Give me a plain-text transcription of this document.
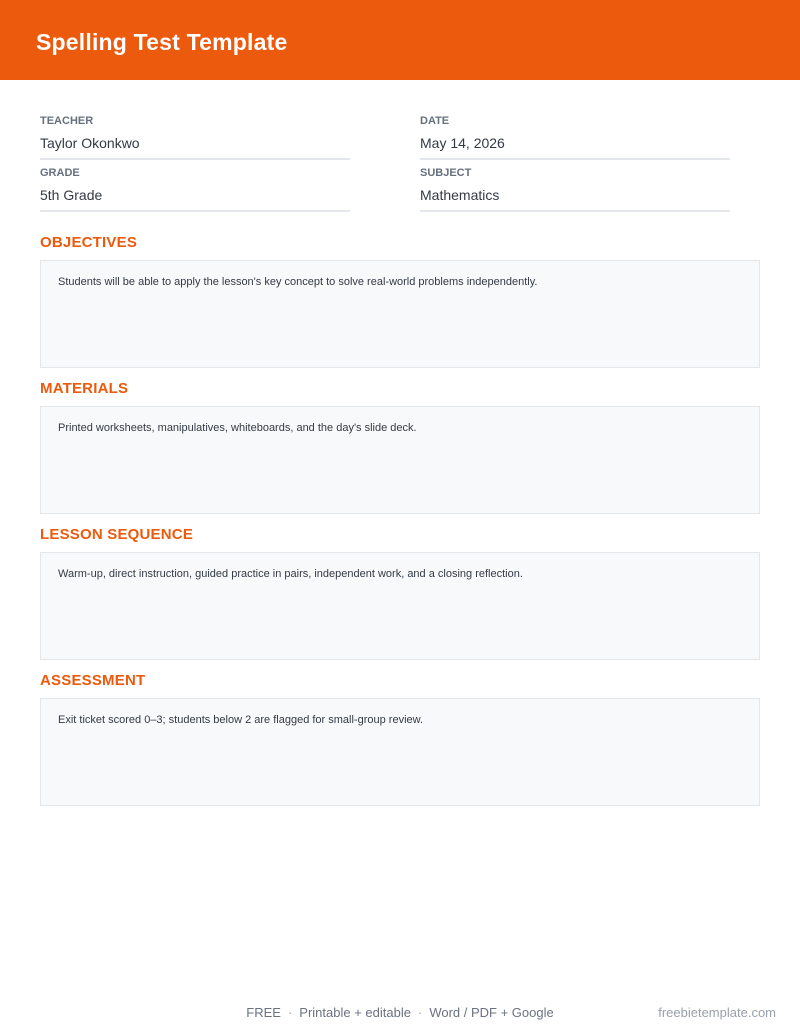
Spelling Test Template
TEACHER
Taylor Okonkwo
DATE
May 14, 2026
GRADE
5th Grade
SUBJECT
Mathematics
OBJECTIVES
Students will be able to apply the lesson's key concept to solve real-world problems independently.
MATERIALS
Printed worksheets, manipulatives, whiteboards, and the day's slide deck.
LESSON SEQUENCE
Warm-up, direct instruction, guided practice in pairs, independent work, and a closing reflection.
ASSESSMENT
Exit ticket scored 0–3; students below 2 are flagged for small-group review.
FREE · Printable + editable · Word / PDF + Google	freebietemplate.com
